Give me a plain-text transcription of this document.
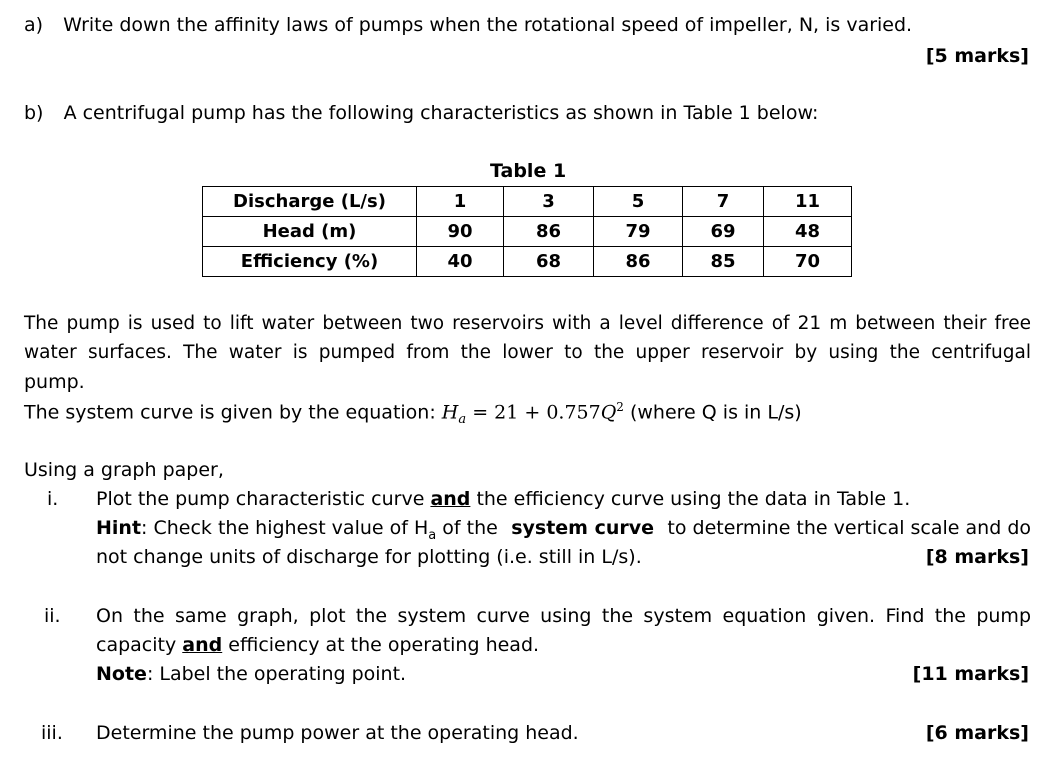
a) Write down the affinity laws of pumps when the rotational speed of impeller, N, is varied.
[5 marks]
b) A centrifugal pump has the following characteristics as shown in Table 1 below:
Table 1
Discharge (L/s)	1	3	5	7	11
Head (m)	90	86	79	69	48
Efficiency (%)	40	68	86	85	70
The pump is used to lift water between two reservoirs with a level difference of 21 m between their free
water surfaces. The water is pumped from the lower to the upper reservoir by using the centrifugal
pump.
The system curve is given by the equation: $H_a = 21 + 0.757Q^2$ (where Q is in L/s)
Using a graph paper,
i. Plot the pump characteristic curve and the efficiency curve using the data in Table 1.
Hint: Check the highest value of $H_a$ of the system curve to determine the vertical scale and do
not change units of discharge for plotting (i.e. still in L/s).	[8 marks]
ii. On the same graph, plot the system curve using the system equation given. Find the pump
capacity and efficiency at the operating head.
Note: Label the operating point.	[11 marks]
iii. Determine the pump power at the operating head.	[6 marks]
